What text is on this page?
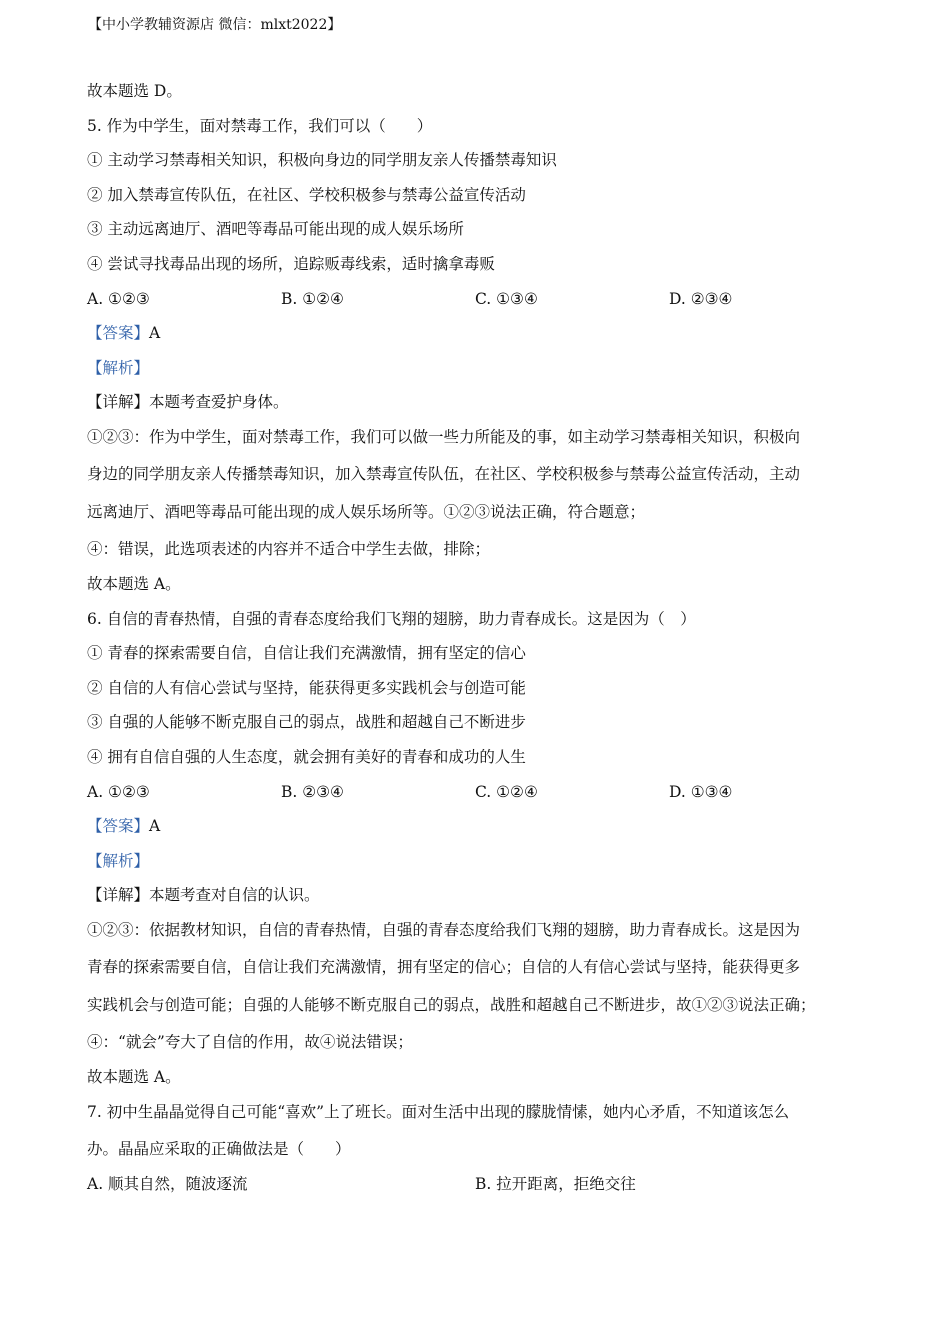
【中小学教辅资源店 微信：mlxt2022】
故本题选 D。
5. 作为中学生，面对禁毒工作，我们可以（　　）
① 主动学习禁毒相关知识，积极向身边的同学朋友亲人传播禁毒知识
② 加入禁毒宣传队伍，在社区、学校积极参与禁毒公益宣传活动
③ 主动远离迪厅、酒吧等毒品可能出现的成人娱乐场所
④ 尝试寻找毒品出现的场所，追踪贩毒线索，适时擒拿毒贩
A. ①②③	B. ①②④	C. ①③④	D. ②③④
【答案】A
【解析】
【详解】本题考查爱护身体。
①②③：作为中学生，面对禁毒工作，我们可以做一些力所能及的事，如主动学习禁毒相关知识，积极向
身边的同学朋友亲人传播禁毒知识，加入禁毒宣传队伍，在社区、学校积极参与禁毒公益宣传活动，主动
远离迪厅、酒吧等毒品可能出现的成人娱乐场所等。①②③说法正确，符合题意；
④：错误，此选项表述的内容并不适合中学生去做，排除；
故本题选 A。
6. 自信的青春热情，自强的青春态度给我们飞翔的翅膀，助力青春成长。这是因为（　）
① 青春的探索需要自信，自信让我们充满激情，拥有坚定的信心
② 自信的人有信心尝试与坚持，能获得更多实践机会与创造可能
③ 自强的人能够不断克服自己的弱点，战胜和超越自己不断进步
④ 拥有自信自强的人生态度，就会拥有美好的青春和成功的人生
A. ①②③	B. ②③④	C. ①②④	D. ①③④
【答案】A
【解析】
【详解】本题考查对自信的认识。
①②③：依据教材知识，自信的青春热情，自强的青春态度给我们飞翔的翅膀，助力青春成长。这是因为
青春的探索需要自信，自信让我们充满激情，拥有坚定的信心；自信的人有信心尝试与坚持，能获得更多
实践机会与创造可能；自强的人能够不断克服自己的弱点，战胜和超越自己不断进步，故①②③说法正确；
④：“就会”夸大了自信的作用，故④说法错误；
故本题选 A。
7. 初中生晶晶觉得自己可能“喜欢”上了班长。面对生活中出现的朦胧情愫，她内心矛盾，不知道该怎么
办。晶晶应采取的正确做法是（　　）
A. 顺其自然，随波逐流	B. 拉开距离，拒绝交往
